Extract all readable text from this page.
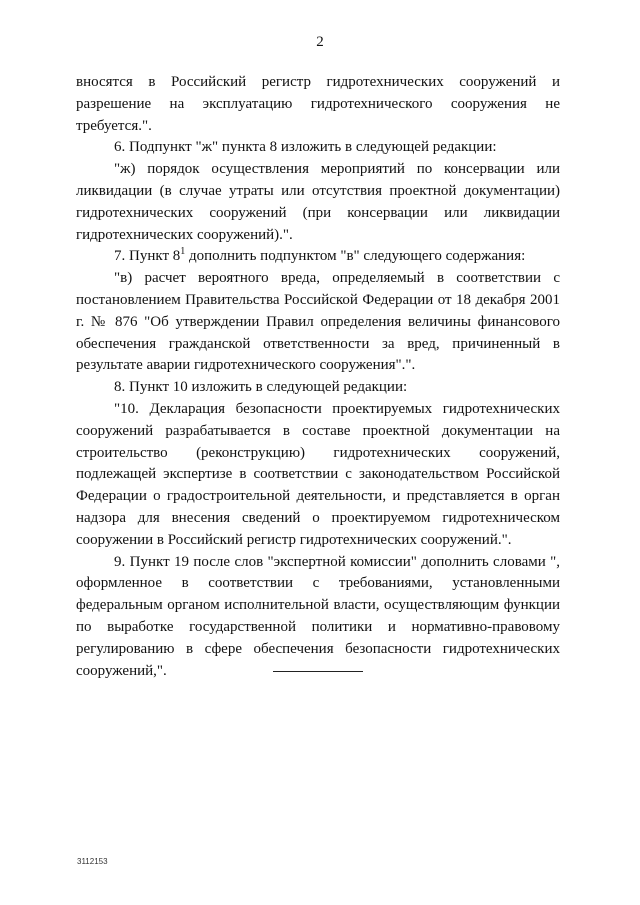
2

вносятся в Российский регистр гидротехнических сооружений и разрешение на эксплуатацию гидротехнического сооружения не требуется.".

6. Подпункт "ж" пункта 8 изложить в следующей редакции:

"ж) порядок осуществления мероприятий по консервации или ликвидации (в случае утраты или отсутствия проектной документации) гидротехнических сооружений (при консервации или ликвидации гидротехнических сооружений).".

7. Пункт $8^1$ дополнить подпунктом "в" следующего содержания:

"в) расчет вероятного вреда, определяемый в соответствии с постановлением Правительства Российской Федерации от 18 декабря 2001 г. № 876 "Об утверждении Правил определения величины финансового обеспечения гражданской ответственности за вред, причиненный в результате аварии гидротехнического сооружения".".

8. Пункт 10 изложить в следующей редакции:

"10. Декларация безопасности проектируемых гидротехнических сооружений разрабатывается в составе проектной документации на строительство (реконструкцию) гидротехнических сооружений, подлежащей экспертизе в соответствии с законодательством Российской Федерации о градостроительной деятельности, и представляется в орган надзора для внесения сведений о проектируемом гидротехническом сооружении в Российский регистр гидротехнических сооружений.".

9. Пункт 19 после слов "экспертной комиссии" дополнить словами ", оформленное в соответствии с требованиями, установленными федеральным органом исполнительной власти, осуществляющим функции по выработке государственной политики и нормативно-правовому регулированию в сфере обеспечения безопасности гидротехнических сооружений,".

3112153
